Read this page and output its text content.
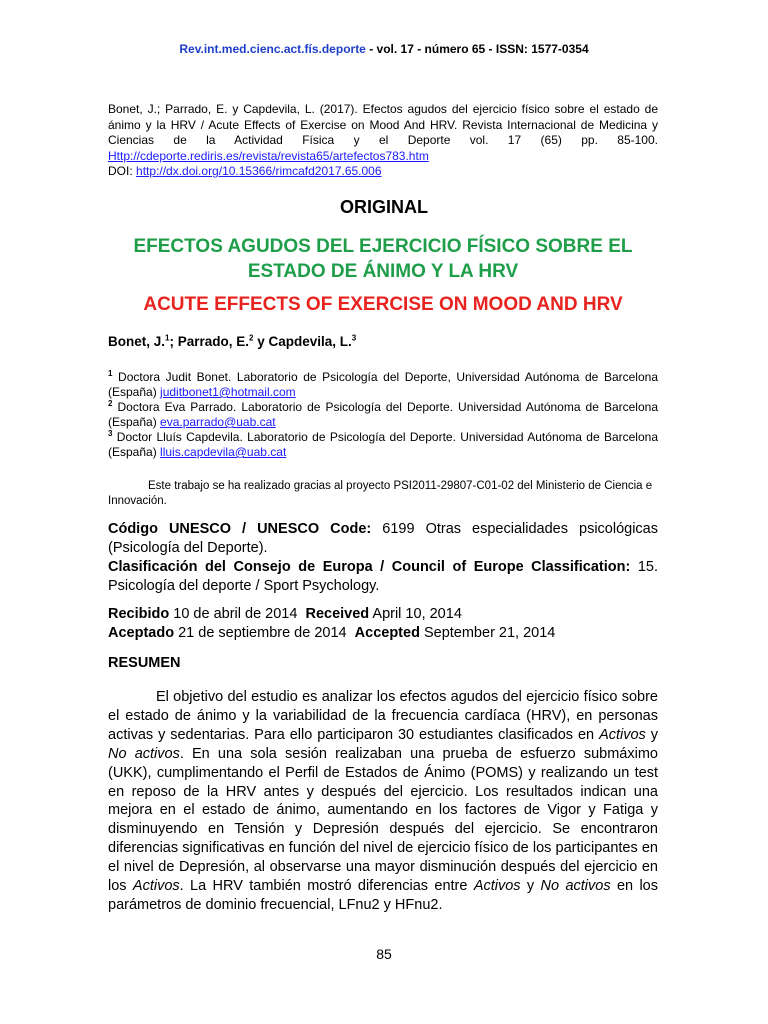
Rev.int.med.cienc.act.fís.deporte - vol. 17 - número 65 - ISSN: 1577-0354
Bonet, J.; Parrado, E. y Capdevila, L. (2017). Efectos agudos del ejercicio físico sobre el estado de ánimo y la HRV / Acute Effects of Exercise on Mood And HRV. Revista Internacional de Medicina y Ciencias de la Actividad Física y el Deporte vol. 17 (65) pp. 85-100. Http://cdeporte.rediris.es/revista/revista65/artefectos783.htm
DOI: http://dx.doi.org/10.15366/rimcafd2017.65.006
ORIGINAL
EFECTOS AGUDOS DEL EJERCICIO FÍSICO SOBRE EL ESTADO DE ÁNIMO Y LA HRV
ACUTE EFFECTS OF EXERCISE ON MOOD AND HRV
Bonet, J.$^1$; Parrado, E.$^2$ y Capdevila, L.$^3$

$^1$ Doctora Judit Bonet. Laboratorio de Psicología del Deporte, Universidad Autónoma de Barcelona (España) juditbonet1@hotmail.com

$^2$ Doctora Eva Parrado. Laboratorio de Psicología del Deporte. Universidad Autónoma de Barcelona (España) eva.parrado@uab.cat

$^3$ Doctor Lluís Capdevila. Laboratorio de Psicología del Deporte. Universidad Autónoma de Barcelona (España) lluis.capdevila@uab.cat

Este trabajo se ha realizado gracias al proyecto PSI2011-29807-C01-02 del Ministerio de Ciencia e Innovación.

Código UNESCO / UNESCO Code: 6199 Otras especialidades psicológicas (Psicología del Deporte).

Clasificación del Consejo de Europa / Council of Europe Classification: 15. Psicología del deporte / Sport Psychology.

Recibido 10 de abril de 2014  Received April 10, 2014

Aceptado 21 de septiembre de 2014  Accepted September 21, 2014

RESUMEN
El objetivo del estudio es analizar los efectos agudos del ejercicio físico sobre el estado de ánimo y la variabilidad de la frecuencia cardíaca (HRV), en personas activas y sedentarias. Para ello participaron 30 estudiantes clasificados en Activos y No activos. En una sola sesión realizaban una prueba de esfuerzo submáximo (UKK), cumplimentando el Perfil de Estados de Ánimo (POMS) y realizando un test en reposo de la HRV antes y después del ejercicio. Los resultados indican una mejora en el estado de ánimo, aumentando en los factores de Vigor y Fatiga y disminuyendo en Tensión y Depresión después del ejercicio. Se encontraron diferencias significativas en función del nivel de ejercicio físico de los participantes en el nivel de Depresión, al observarse una mayor disminución después del ejercicio en los Activos. La HRV también mostró diferencias entre Activos y No activos en los parámetros de dominio frecuencial, LFnu2 y HFnu2.
85
